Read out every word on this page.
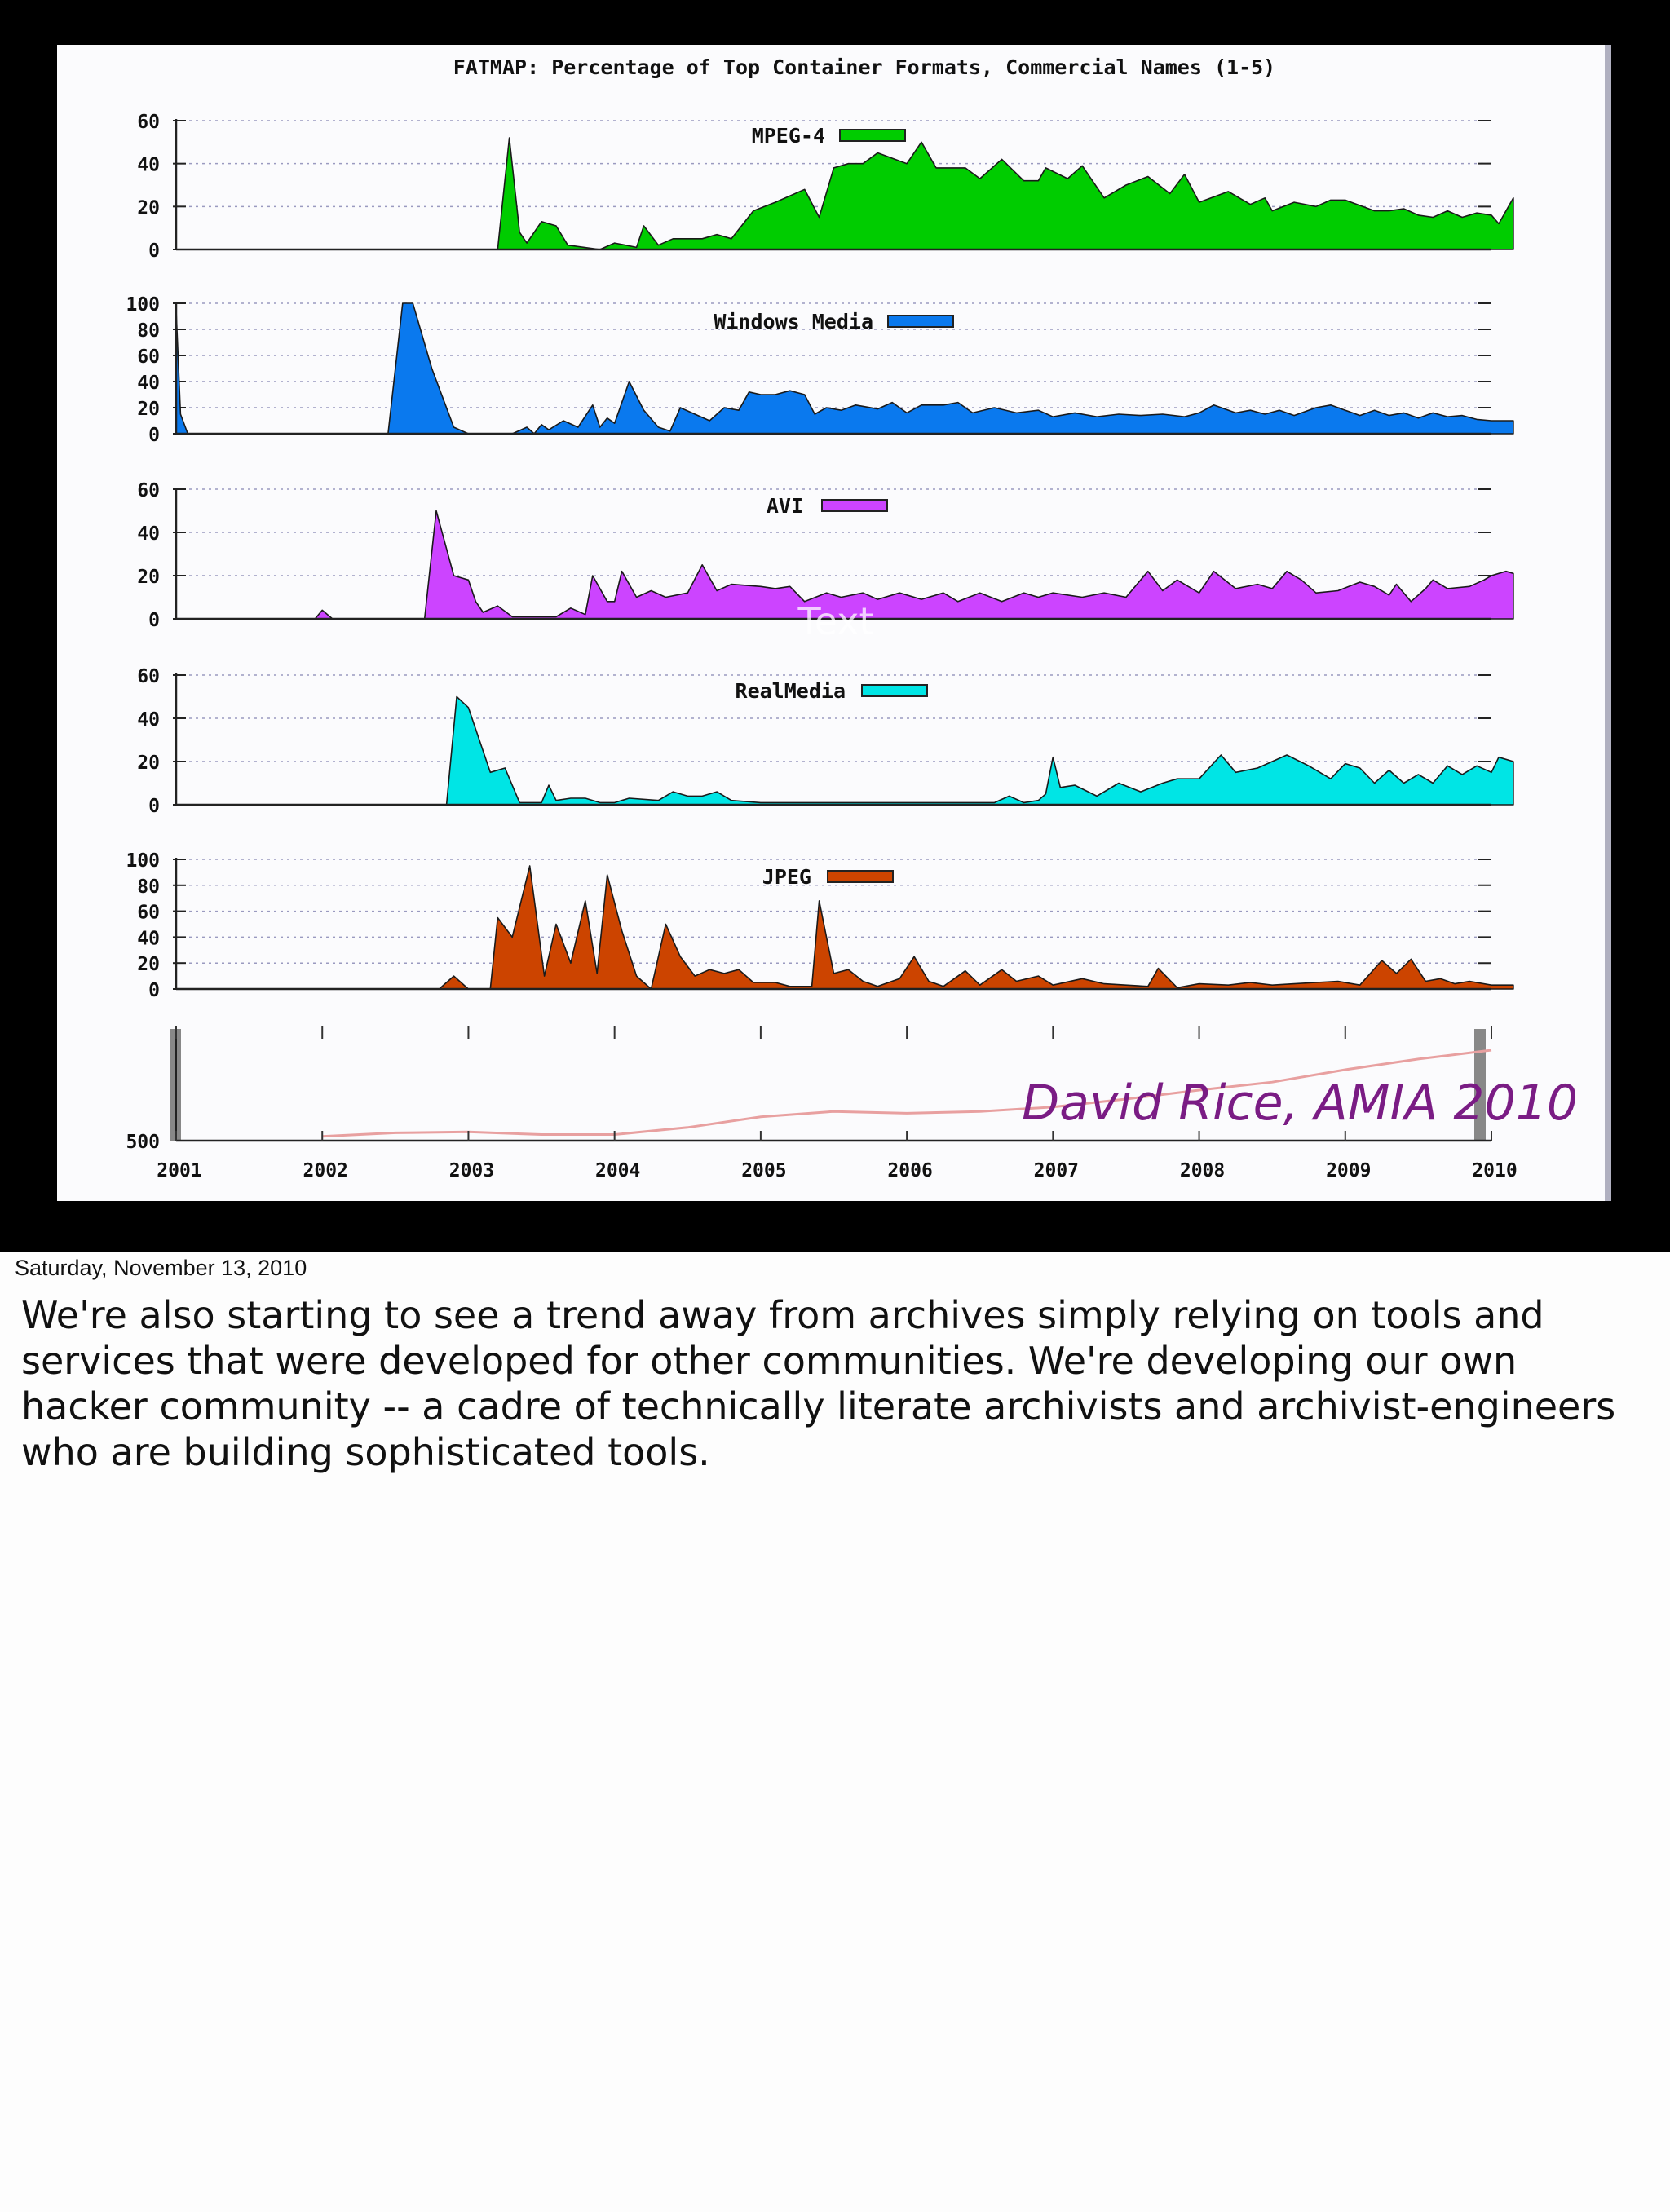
FATMAP: Percentage of Top Container Formats, Commercial Names (1-5)
0
20
40
60
MPEG-4
0
20
40
60
80
100
Windows Media
0
20
40
60
AVI
0
20
40
60
RealMedia
0
20
40
60
80
100
JPEG
500
2001	2002	2003	2004	2005	2006	2007	2008	2009	2010
David Rice, AMIA 2010
Text
Saturday, November 13, 2010

We're also starting to see a trend away from archives simply relying on tools and services that were developed for other communities. We're developing our own hacker community -- a cadre of technically literate archivists and archivist-engineers who are building sophisticated tools.
